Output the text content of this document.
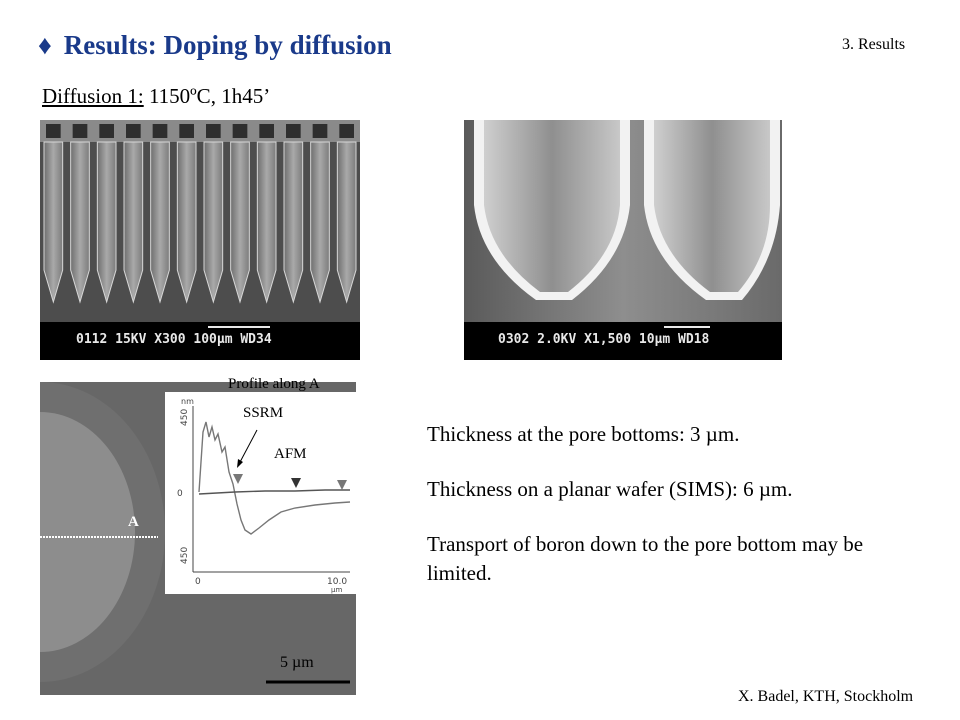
♦ Results: Doping by diffusion	3. Results
Diffusion 1: 1150ºC, 1h45’
0112 15KV X300 100µm WD34	0302 2.0KV X1,500 10µm WD18
nm
450
0
450
0	10.0
µm
Profile along A
SSRM
AFM
A
5 µm

Thickness at the pore bottoms: 3 µm.

Thickness on a planar wafer (SIMS): 6 µm.

Transport of boron down to the pore bottom may be limited.

X. Badel, KTH, Stockholm
